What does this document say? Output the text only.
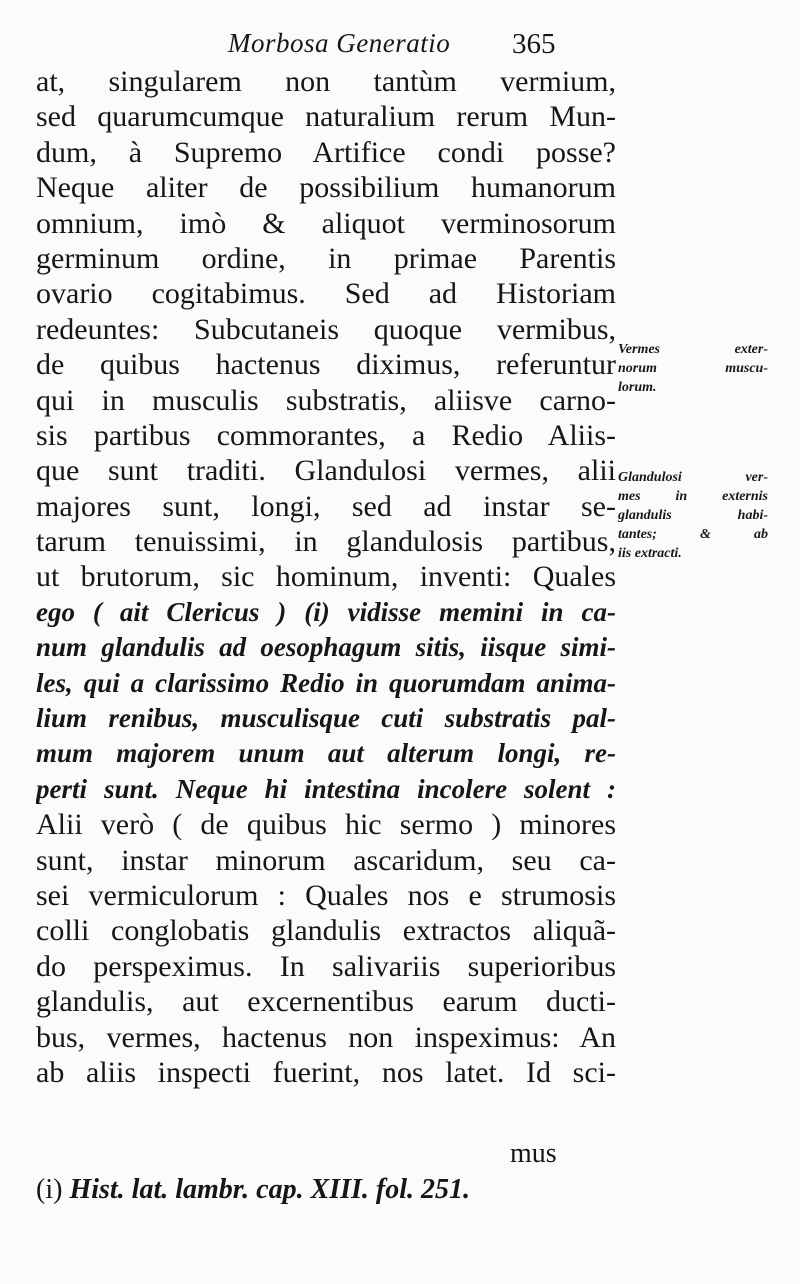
Morbosa Generatio 365
at, singularem non tantùm vermium,
sed quarumcumque naturalium rerum Mun-
dum, à Supremo Artifice condi posse?
Neque aliter de possibilium humanorum
omnium, imò & aliquot verminosorum
germinum ordine, in primae Parentis
ovario cogitabimus. Sed ad Historiam
redeuntes: Subcutaneis quoque vermibus,
de quibus hactenus diximus, referuntur
qui in musculis substratis, aliisve carno-
sis partibus commorantes, a Redio Aliis-
que sunt traditi. Glandulosi vermes, alii
majores sunt, longi, sed ad instar se-
tarum tenuissimi, in glandulosis partibus,
ut brutorum, sic hominum, inventi: Quales
ego ( ait Clericus ) (i) vidisse memini in ca-
num glandulis ad oesophagum sitis, iisque simi-
les, qui a clarissimo Redio in quorumdam anima-
lium renibus, musculisque cuti substratis pal-
mum majorem unum aut alterum longi, re-
perti sunt. Neque hi intestina incolere solent :
Alii verò ( de quibus hic sermo ) minores
sunt, instar minorum ascaridum, seu ca-
sei vermiculorum : Quales nos e strumosis
colli conglobatis glandulis extractos aliquã-
do perspeximus. In salivariis superioribus
glandulis, aut excernentibus earum ducti-
bus, vermes, hactenus non inspeximus: An
ab aliis inspecti fuerint, nos latet. Id sci-
mus
Vermes exter-
norum muscu-
lorum.
Glandulosi ver-
mes in externis
glandulis habi-
tantes; & ab
iis extracti.
(i) Hist. lat. lambr. cap. XIII. fol. 251.
